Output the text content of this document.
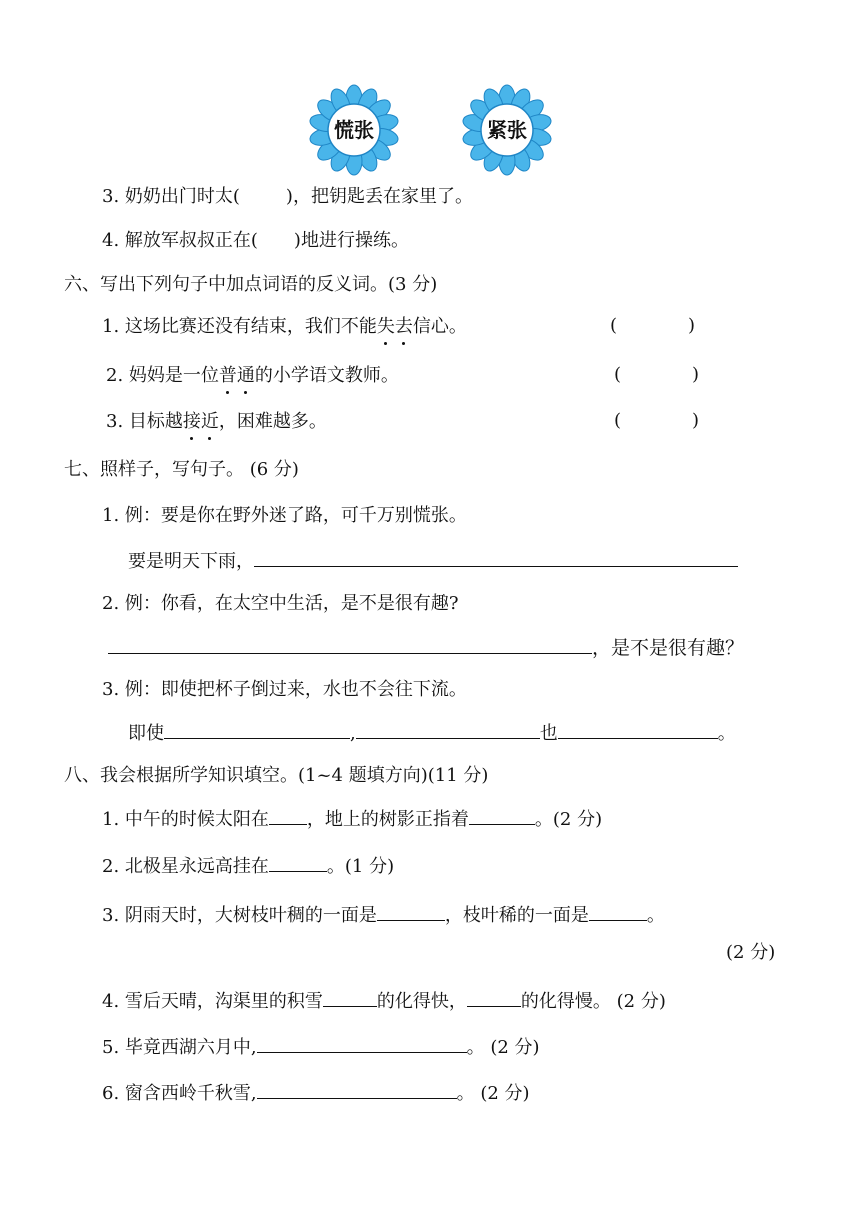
慌张	紧张
3. 奶奶出门时太(	)，把钥匙丢在家里了。
4. 解放军叔叔正在( )地进行操练。
六、写出下列句子中加点词语的反义词。(3 分)
1. 这场比赛还没有结束，我们不能失去信心。	(	)
2. 妈妈是一位普通的小学语文教师。	(	)
3. 目标越接近，困难越多。	(	)
七、照样子，写句子。 (6 分)
1. 例：要是你在野外迷了路，可千万别慌张。
要是明天下雨，
2. 例：你看，在太空中生活，是不是很有趣?
，是不是很有趣？
3. 例：即使把杯子倒过来，水也不会往下流。
即使	,	也	。
八、我会根据所学知识填空。(1~4 题填方向)(11 分)
1. 中午的时候太阳在 ，地上的树影正指着	。(2 分)
2. 北极星永远高挂在	。(1 分)
3. 阴雨天时，大树枝叶稠的一面是	，枝叶稀的一面是	。
(2 分)
4. 雪后天晴，沟渠里的积雪	的化得快，	的化得慢。 (2 分)
5. 毕竟西湖六月中,	。 (2 分)
6. 窗含西岭千秋雪,	。 (2 分)
